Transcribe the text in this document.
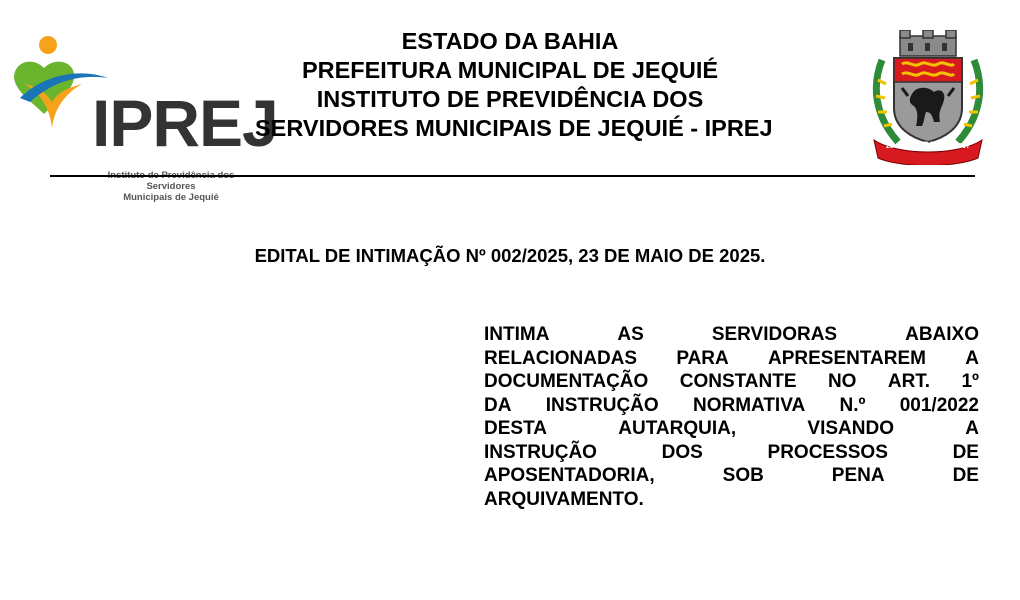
IPREJ
Instituto de Previdência dos Servidores
Municipais de Jequié
ESTADO DA BAHIA
PREFEITURA MUNICIPAL DE JEQUIÉ
INSTITUTO DE PREVIDÊNCIA DOS
SERVIDORES MUNICIPAIS DE JEQUIÉ - IPREJ
25-10 JEQUIÉ 1897
EDITAL DE INTIMAÇÃO Nº 002/2025, 23 DE MAIO DE 2025.
INTIMA	AS	SERVIDORAS	ABAIXO
RELACIONADAS PARA APRESENTAREM A
DOCUMENTAÇÃO CONSTANTE NO ART. 1º
DA INSTRUÇÃO NORMATIVA N.º 001/2022
DESTA	AUTARQUIA,	VISANDO	A
INSTRUÇÃO	DOS	PROCESSOS	DE
APOSENTADORIA,	SOB	PENA	DE
ARQUIVAMENTO.
